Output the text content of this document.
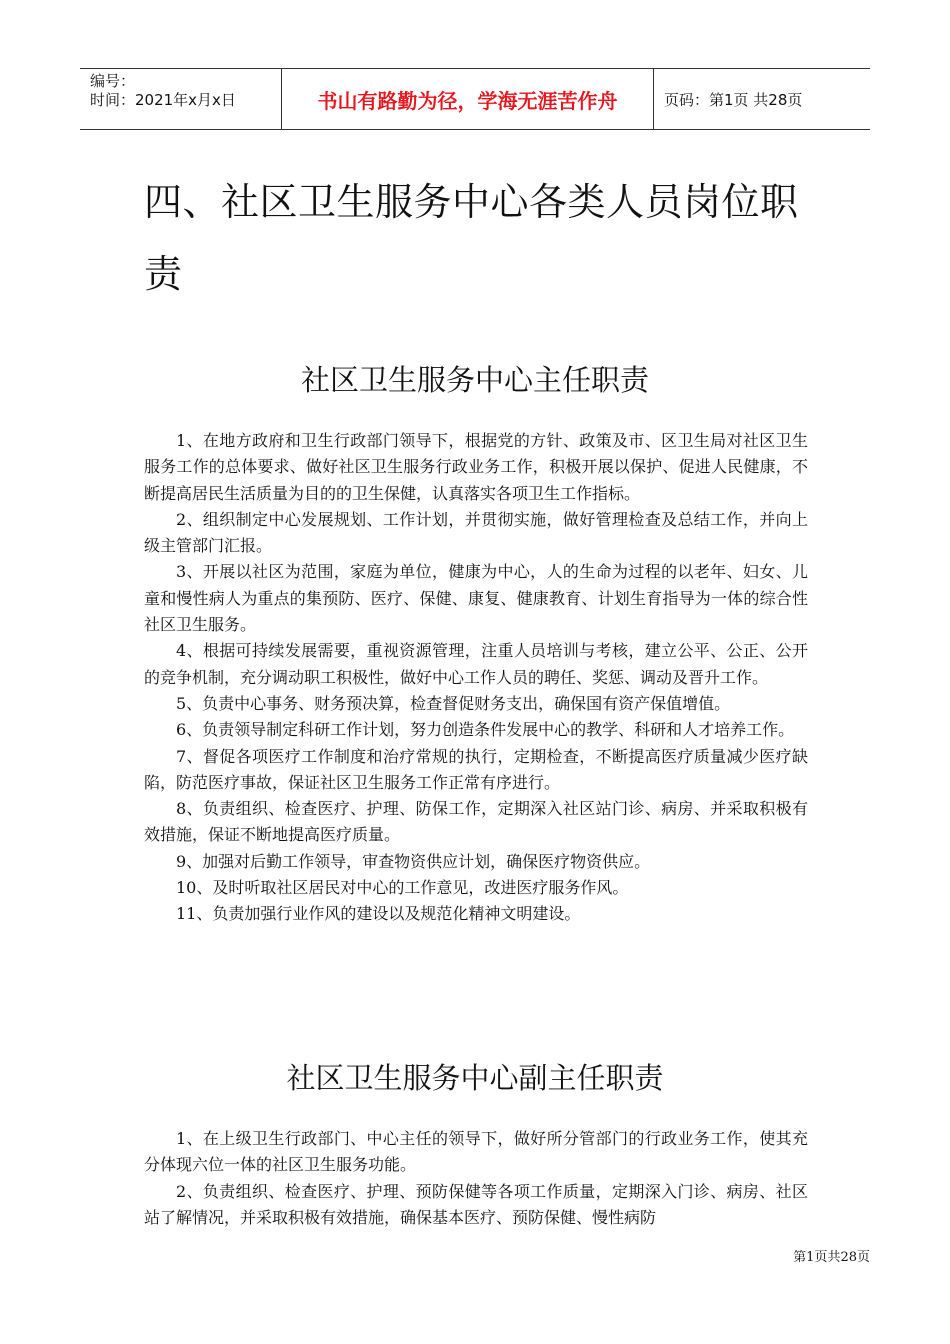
编号：
时间：2021年x月x日	书山有路勤为径，学海无涯苦作舟	页码：第1页 共28页
四、社区卫生服务中心各类人员岗位职责
社区卫生服务中心主任职责

1、在地方政府和卫生行政部门领导下，根据党的方针、政策及市、区卫生局对社区卫生服务工作的总体要求、做好社区卫生服务行政业务工作，积极开展以保护、促进人民健康，不断提高居民生活质量为目的的卫生保健，认真落实各项卫生工作指标。

2、组织制定中心发展规划、工作计划，并贯彻实施，做好管理检查及总结工作，并向上级主管部门汇报。

3、开展以社区为范围，家庭为单位，健康为中心，人的生命为过程的以老年、妇女、儿童和慢性病人为重点的集预防、医疗、保健、康复、健康教育、计划生育指导为一体的综合性社区卫生服务。

4、根据可持续发展需要，重视资源管理，注重人员培训与考核，建立公平、公正、公开的竞争机制，充分调动职工积极性，做好中心工作人员的聘任、奖惩、调动及晋升工作。

5、负责中心事务、财务预决算，检查督促财务支出，确保国有资产保值增值。

6、负责领导制定科研工作计划，努力创造条件发展中心的教学、科研和人才培养工作。

7、督促各项医疗工作制度和治疗常规的执行，定期检查，不断提高医疗质量减少医疗缺陷，防范医疗事故，保证社区卫生服务工作正常有序进行。

8、负责组织、检查医疗、护理、防保工作，定期深入社区站门诊、病房、并采取积极有效措施，保证不断地提高医疗质量。

9、加强对后勤工作领导，审查物资供应计划，确保医疗物资供应。

10、及时听取社区居民对中心的工作意见，改进医疗服务作风。

11、负责加强行业作风的建设以及规范化精神文明建设。

社区卫生服务中心副主任职责

1、在上级卫生行政部门、中心主任的领导下，做好所分管部门的行政业务工作，使其充分体现六位一体的社区卫生服务功能。

2、负责组织、检查医疗、护理、预防保健等各项工作质量，定期深入门诊、病房、社区站了解情况，并采取积极有效措施，确保基本医疗、预防保健、慢性病防

第1页共28页
